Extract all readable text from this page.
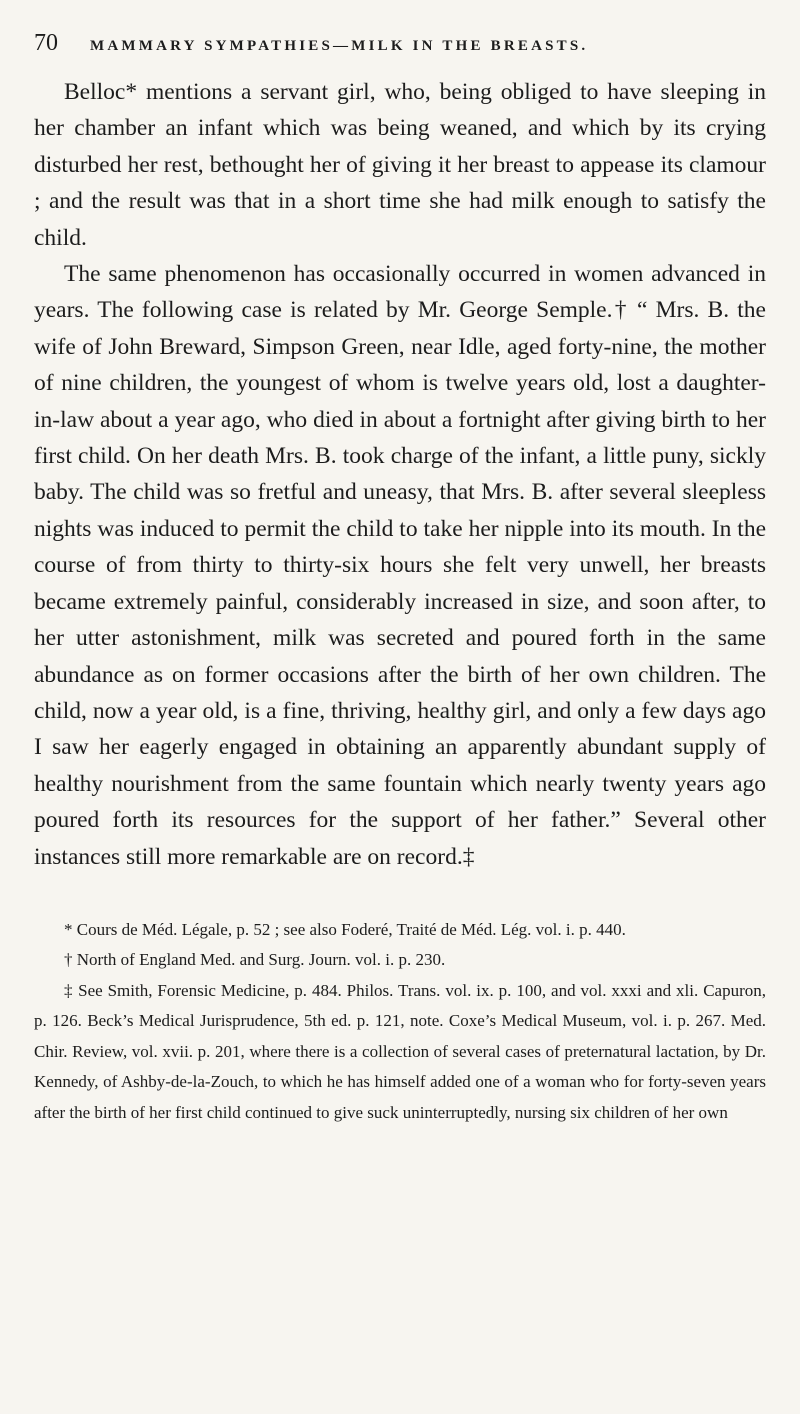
70	MAMMARY SYMPATHIES—MILK IN THE BREASTS.

Belloc* mentions a servant girl, who, being obliged to have sleeping in her chamber an infant which was being weaned, and which by its crying disturbed her rest, bethought her of giving it her breast to appease its clamour ; and the result was that in a short time she had milk enough to satisfy the child.

The same phenomenon has occasionally occurred in women advanced in years. The following case is related by Mr. George Semple.† “ Mrs. B. the wife of John Breward, Simpson Green, near Idle, aged forty-nine, the mother of nine children, the youngest of whom is twelve years old, lost a daughter-in-law about a year ago, who died in about a fortnight after giving birth to her first child. On her death Mrs. B. took charge of the infant, a little puny, sickly baby. The child was so fretful and uneasy, that Mrs. B. after several sleepless nights was induced to permit the child to take her nipple into its mouth. In the course of from thirty to thirty-six hours she felt very unwell, her breasts became extremely painful, considerably increased in size, and soon after, to her utter astonishment, milk was secreted and poured forth in the same abundance as on former occasions after the birth of her own children. The child, now a year old, is a fine, thriving, healthy girl, and only a few days ago I saw her eagerly engaged in obtaining an apparently abundant supply of healthy nourishment from the same fountain which nearly twenty years ago poured forth its resources for the support of her father.” Several other instances still more remarkable are on record.‡

* Cours de Méd. Légale, p. 52 ; see also Foderé, Traité de Méd. Lég. vol. i. p. 440.

† North of England Med. and Surg. Journ. vol. i. p. 230.

‡ See Smith, Forensic Medicine, p. 484. Philos. Trans. vol. ix. p. 100, and vol. xxxi and xli. Capuron, p. 126. Beck’s Medical Jurisprudence, 5th ed. p. 121, note. Coxe’s Medical Museum, vol. i. p. 267. Med. Chir. Review, vol. xvii. p. 201, where there is a collection of several cases of preternatural lactation, by Dr. Kennedy, of Ashby-de-la-Zouch, to which he has himself added one of a woman who for forty-seven years after the birth of her first child continued to give suck uninterruptedly, nursing six children of her own
